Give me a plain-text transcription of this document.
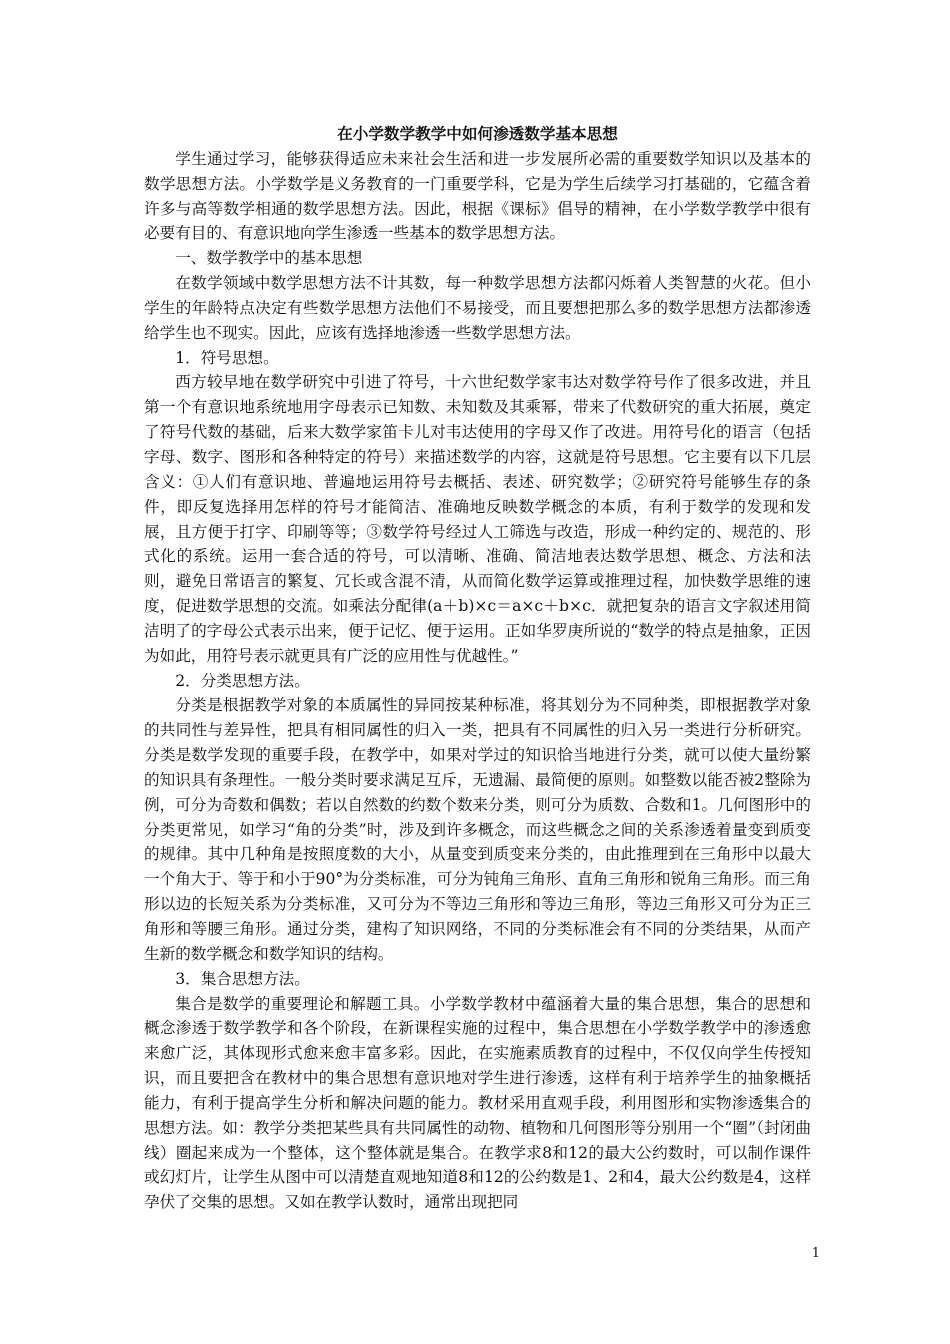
在小学数学教学中如何渗透数学基本思想

学生通过学习，能够获得适应未来社会生活和进一步发展所必需的重要数学知识以及基本的数学思想方法。小学数学是义务教育的一门重要学科，它是为学生后续学习打基础的，它蕴含着许多与高等数学相通的数学思想方法。因此，根据《课标》倡导的精神，在小学数学教学中很有必要有目的、有意识地向学生渗透一些基本的数学思想方法。

一、数学教学中的基本思想

在数学领域中数学思想方法不计其数，每一种数学思想方法都闪烁着人类智慧的火花。但小学生的年龄特点决定有些数学思想方法他们不易接受，而且要想把那么多的数学思想方法都渗透给学生也不现实。因此，应该有选择地渗透一些数学思想方法。

1．符号思想。

西方较早地在数学研究中引进了符号，十六世纪数学家韦达对数学符号作了很多改进，并且第一个有意识地系统地用字母表示已知数、未知数及其乘幂，带来了代数研究的重大拓展，奠定了符号代数的基础，后来大数学家笛卡儿对韦达使用的字母又作了改进。用符号化的语言（包括字母、数字、图形和各种特定的符号）来描述数学的内容，这就是符号思想。它主要有以下几层含义：①人们有意识地、普遍地运用符号去概括、表述、研究数学；②研究符号能够生存的条件，即反复选择用怎样的符号才能简洁、准确地反映数学概念的本质，有利于数学的发现和发展，且方便于打字、印刷等等；③数学符号经过人工筛选与改造，形成一种约定的、规范的、形式化的系统。运用一套合适的符号，可以清晰、准确、简洁地表达数学思想、概念、方法和法则，避免日常语言的繁复、冗长或含混不清，从而简化数学运算或推理过程，加快数学思维的速度，促进数学思想的交流。如乘法分配律(a＋b)×c＝a×c＋b×c．就把复杂的语言文字叙述用简洁明了的字母公式表示出来，便于记忆、便于运用。正如华罗庚所说的“数学的特点是抽象，正因为如此，用符号表示就更具有广泛的应用性与优越性。”

2．分类思想方法。

分类是根据教学对象的本质属性的异同按某种标准，将其划分为不同种类，即根据教学对象的共同性与差异性，把具有相同属性的归入一类，把具有不同属性的归入另一类进行分析研究。分类是数学发现的重要手段，在教学中，如果对学过的知识恰当地进行分类，就可以使大量纷繁的知识具有条理性。一般分类时要求满足互斥，无遗漏、最简便的原则。如整数以能否被2整除为例，可分为奇数和偶数；若以自然数的约数个数来分类，则可分为质数、合数和1。几何图形中的分类更常见，如学习“角的分类”时，涉及到许多概念，而这些概念之间的关系渗透着量变到质变的规律。其中几种角是按照度数的大小，从量变到质变来分类的，由此推理到在三角形中以最大一个角大于、等于和小于90°为分类标准，可分为钝角三角形、直角三角形和锐角三角形。而三角形以边的长短关系为分类标准，又可分为不等边三角形和等边三角形，等边三角形又可分为正三角形和等腰三角形。通过分类，建构了知识网络，不同的分类标准会有不同的分类结果，从而产生新的数学概念和数学知识的结构。

3．集合思想方法。

集合是数学的重要理论和解题工具。小学数学教材中蕴涵着大量的集合思想，集合的思想和概念渗透于数学教学和各个阶段，在新课程实施的过程中，集合思想在小学数学教学中的渗透愈来愈广泛，其体现形式愈来愈丰富多彩。因此，在实施素质教育的过程中，不仅仅向学生传授知识，而且要把含在教材中的集合思想有意识地对学生进行渗透，这样有利于培养学生的抽象概括能力，有利于提高学生分析和解决问题的能力。教材采用直观手段，利用图形和实物渗透集合的思想方法。如：教学分类把某些具有共同属性的动物、植物和几何图形等分别用一个“圈”（封闭曲线）圈起来成为一个整体，这个整体就是集合。在教学求8和12的最大公约数时，可以制作课件或幻灯片，让学生从图中可以清楚直观地知道8和12的公约数是1、2和4，最大公约数是4，这样孕伏了交集的思想。又如在教学认数时，通常出现把同

1
